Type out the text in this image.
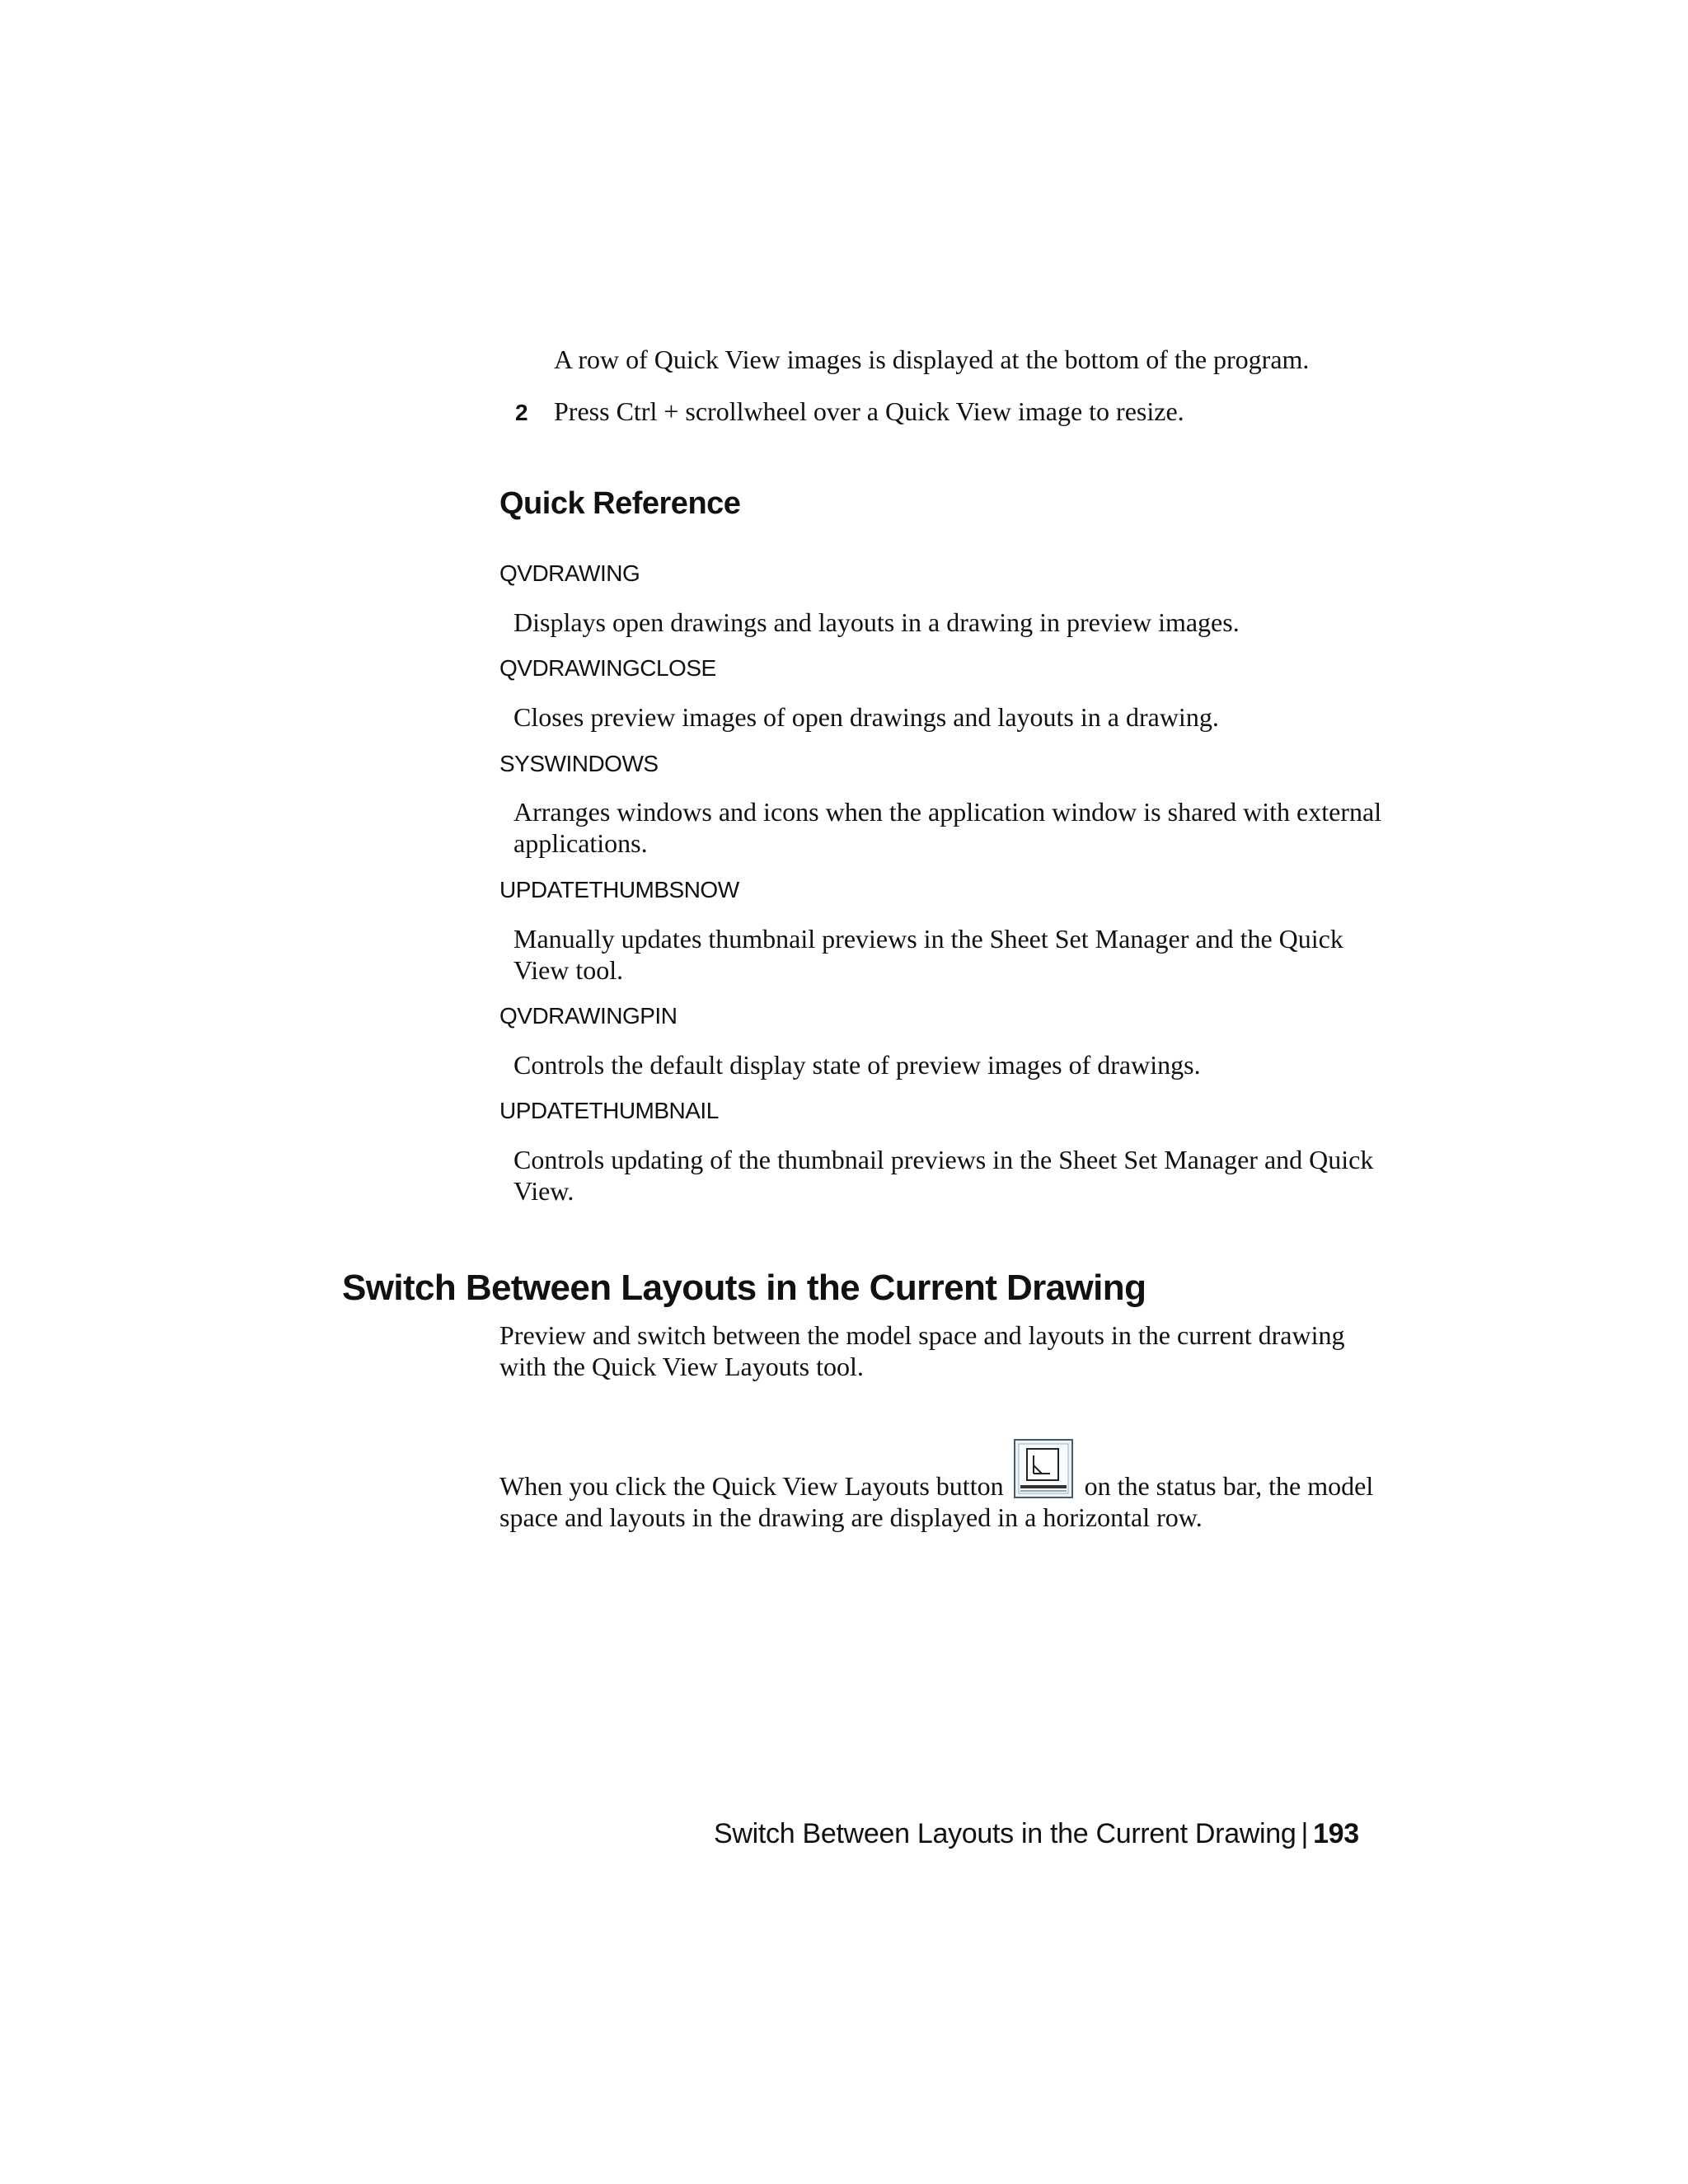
A row of Quick View images is displayed at the bottom of the program.
2 Press Ctrl + scrollwheel over a Quick View image to resize.
Quick Reference
QVDRAWING
Displays open drawings and layouts in a drawing in preview images.
QVDRAWINGCLOSE
Closes preview images of open drawings and layouts in a drawing.
SYSWINDOWS
Arranges windows and icons when the application window is shared with external applications.
UPDATETHUMBSNOW
Manually updates thumbnail previews in the Sheet Set Manager and the Quick View tool.
QVDRAWINGPIN
Controls the default display state of preview images of drawings.
UPDATETHUMBNAIL
Controls updating of the thumbnail previews in the Sheet Set Manager and Quick View.
Switch Between Layouts in the Current Drawing
Preview and switch between the model space and layouts in the current drawing with the Quick View Layouts tool.
When you click the Quick View Layouts button	on the status bar, the model space and layouts in the drawing are displayed in a horizontal row.
Switch Between Layouts in the Current Drawing | 193
